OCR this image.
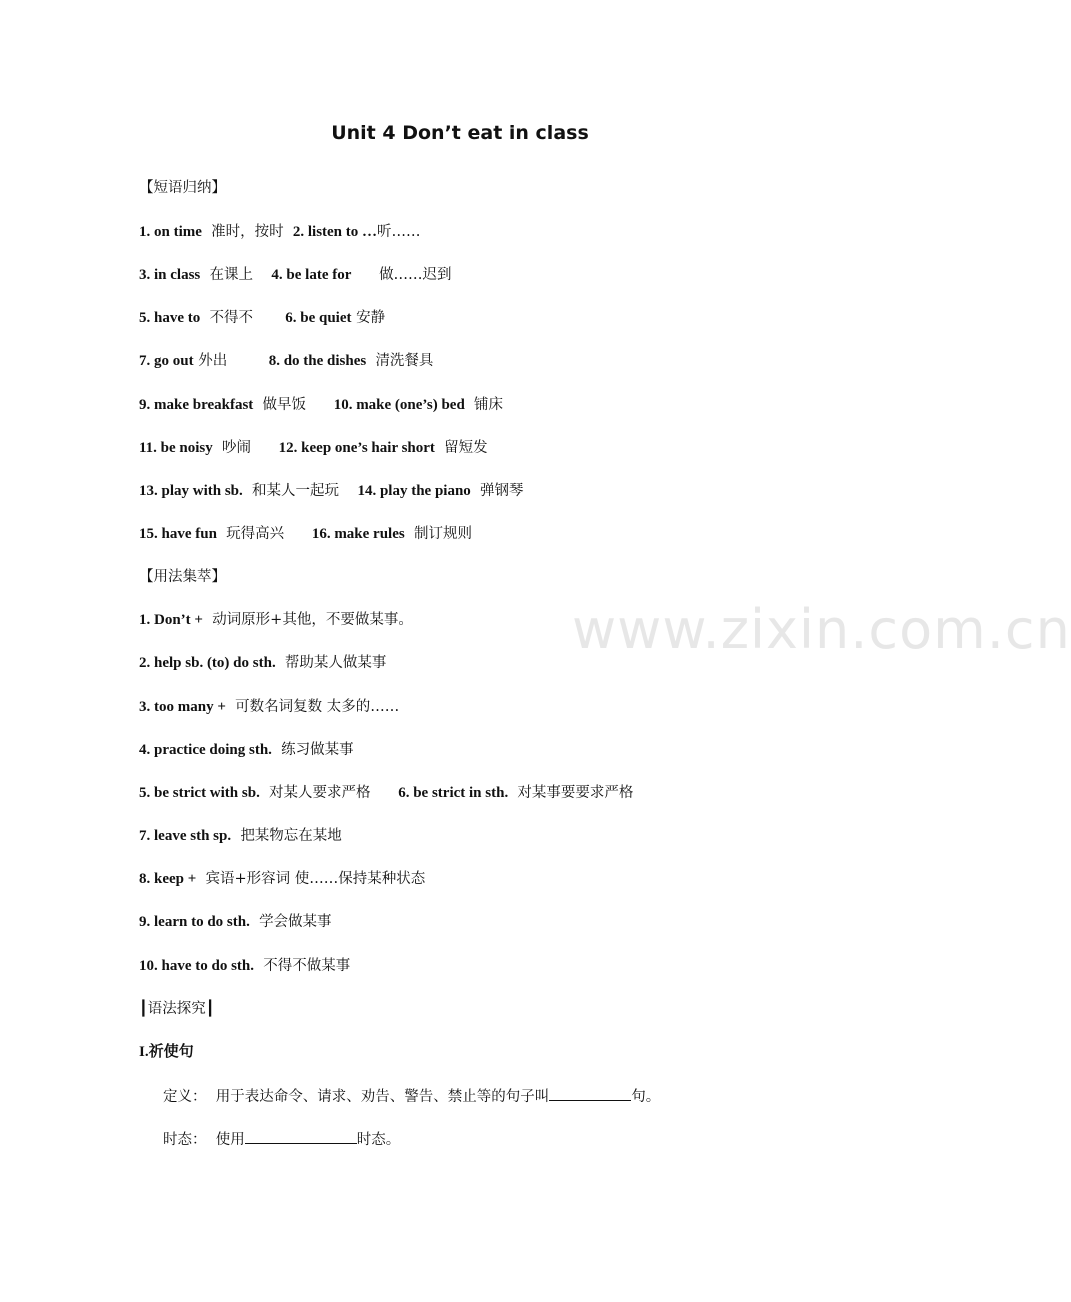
Unit 4 Don’t eat in class
【短语归纳】
1. on time 准时，按时 2. listen to …听……
3. in class 在课上 4. be late for 做……迟到
5. have to 不得不 6. be quiet 安静
7. go out 外出	8. do the dishes 清洗餐具
9. make breakfast 做早饭 10. make (one’s) bed 铺床
11. be noisy 吵闹 12. keep one’s hair short 留短发
13. play with sb. 和某人一起玩 14. play the piano 弹钢琴
15. have fun 玩得高兴 16. make rules 制订规则
【用法集萃】
1. Don’t + 动词原形+其他，不要做某事。
2. help sb. (to) do sth. 帮助某人做某事
3. too many + 可数名词复数 太多的……
4. practice doing sth. 练习做某事
5. be strict with sb. 对某人要求严格 6. be strict in sth. 对某事要要求严格
7. leave sth sp. 把某物忘在某地
8. keep + 宾语+形容词 使……保持某种状态
9. learn to do sth. 学会做某事
10. have to do sth. 不得不做某事
┃语法探究┃
I.祈使句
定义： 用于表达命令、请求、劝告、警告、禁止等的句子叫	句。
时态： 使用	时态。
www.zixin.com.cn
